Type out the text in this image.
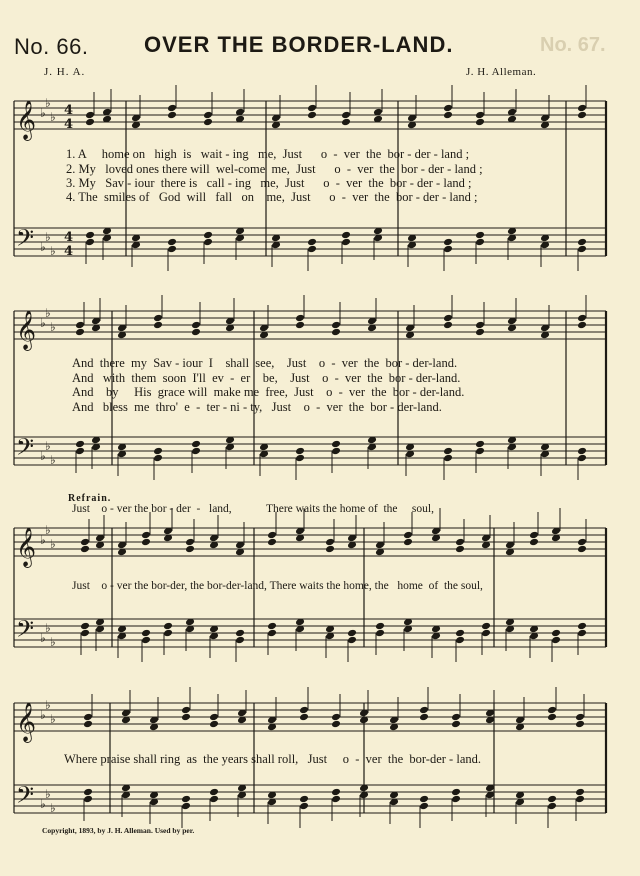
No. 66.	OVER THE BORDER-LAND.	No. 67.
J. H. A.	J. H. Alleman.
1. A     home on   high  is   wait - ing   me,  Just      o  -  ver  the  bor - der - land ;
2. My   loved ones there will  wel-come  me,  Just      o  -  ver  the  bor - der - land ;
3. My   Sav - iour  there is   call - ing   me,  Just      o  -  ver  the  bor - der - land ;
4. The  smiles of   God  will   fall   on    me,  Just      o  -  ver  the  bor - der - land ;
And  there  my  Sav - iour  I    shall  see,    Just    o  -  ver  the  bor - der-land.
And   with  them  soon  I'll  ev  -  er    be,    Just    o  -  ver  the  bor - der-land.
And    by     His  grace will  make me  free,  Just    o  -  ver  the  bor - der-land.
And   bless  me  thro'  e  -  ter - ni - ty,   Just    o  -  ver  the  bor - der-land.
Refrain.
Just    o - ver the bor - der  -   land,            There waits the home of  the     soul,
Just    o - ver the bor-der, the bor-der-land, There waits the home, the   home  of  the soul,
Where praise shall ring  as  the years shall roll,   Just     o  -  ver  the  bor-der - land.
Copyright, 1893, by J. H. Alleman. Used by per.
𝄞 ♭
♭
♭
𝄢 ♭
♭
♭
𝄞 ♭
♭
♭
𝄢 ♭
♭
♭
𝄞 ♭
♭
♭
𝄢 ♭
♭
♭
𝄞 ♭
♭
♭
𝄢 ♭
♭
♭
4
4
4
4
